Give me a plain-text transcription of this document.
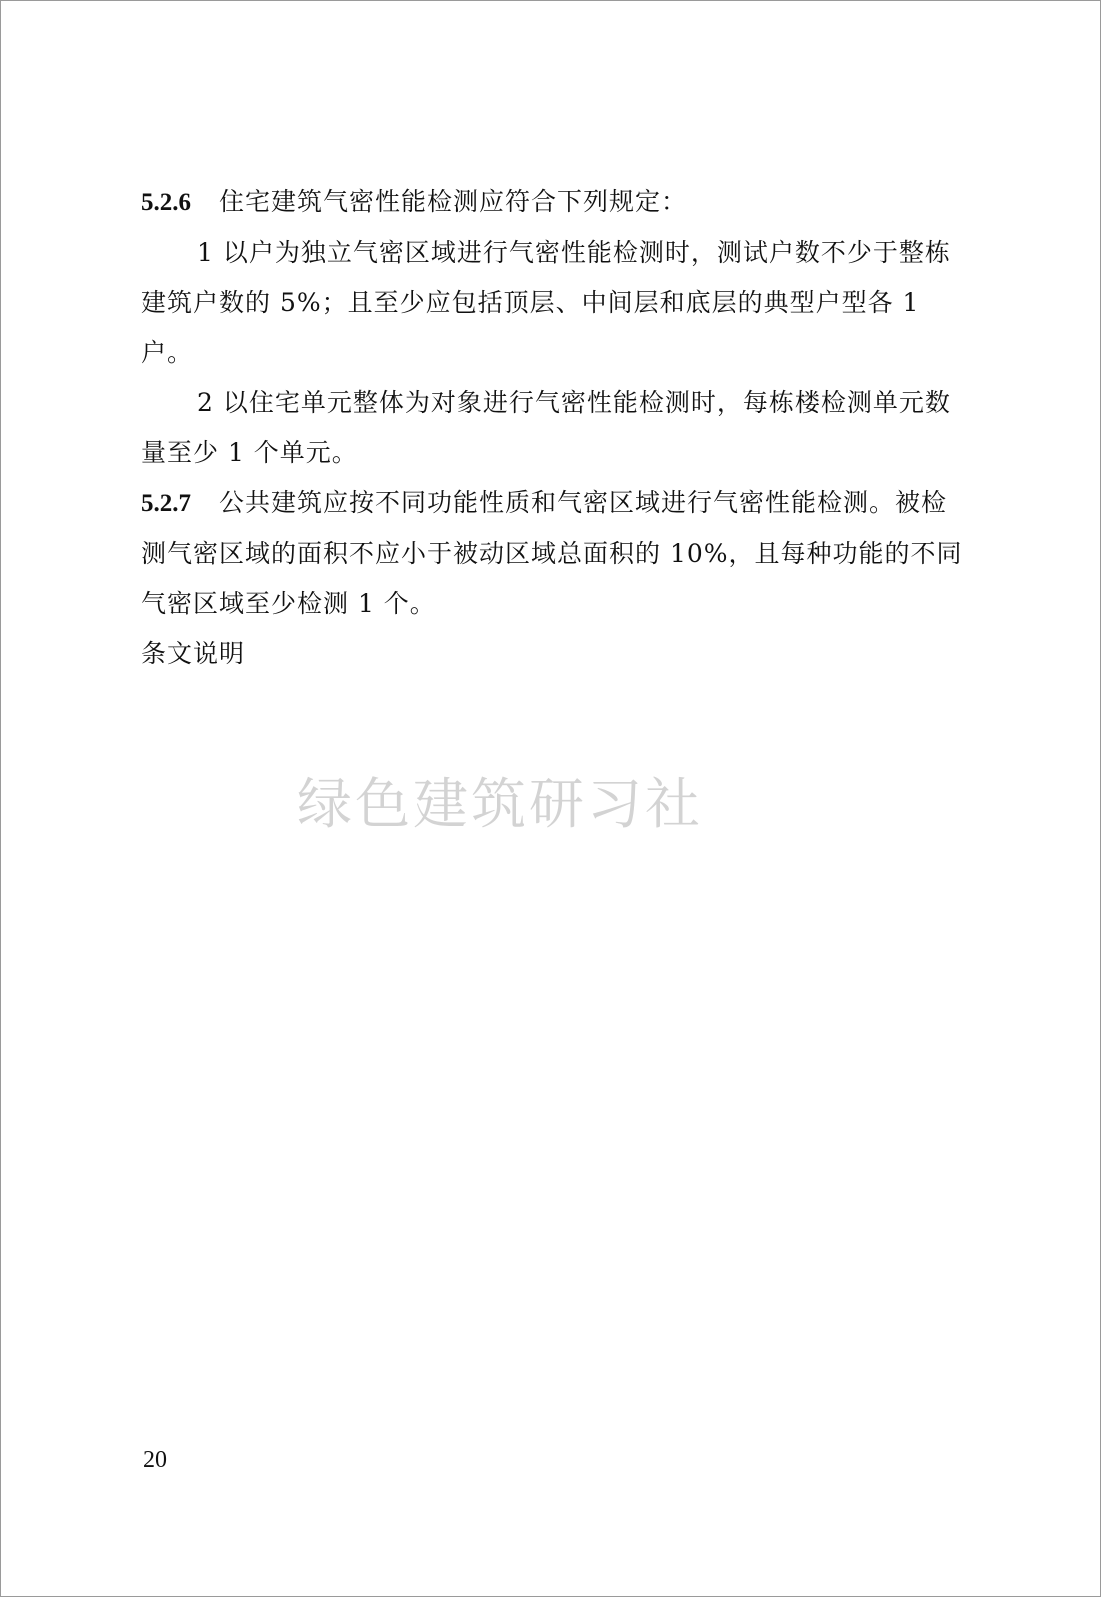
5.2.6 住宅建筑气密性能检测应符合下列规定：

1 以户为独立气密区域进行气密性能检测时，测试户数不少于整栋建筑户数的 5%；且至少应包括顶层、中间层和底层的典型户型各 1 户。

2 以住宅单元整体为对象进行气密性能检测时，每栋楼检测单元数量至少 1 个单元。

5.2.7 公共建筑应按不同功能性质和气密区域进行气密性能检测。被检测气密区域的面积不应小于被动区域总面积的 10%，且每种功能的不同气密区域至少检测 1 个。

条文说明

绿色建筑研习社
20
